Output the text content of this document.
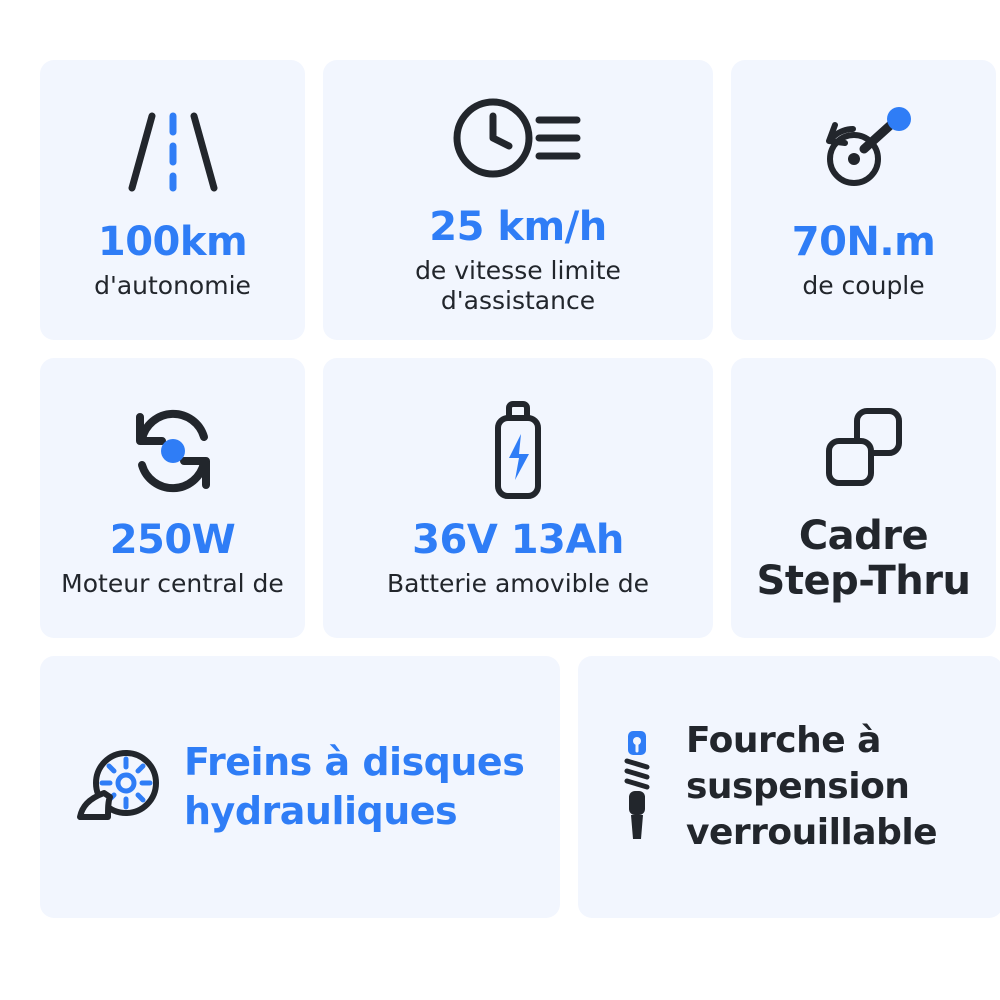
100km
d'autonomie
25 km/h
de vitesse limite
d'assistance
70N.m
de couple
250W
Moteur central de
36V 13Ah
Batterie amovible de
Cadre
Step-Thru
Freins à disques
hydrauliques
Fourche à
suspension
verrouillable
